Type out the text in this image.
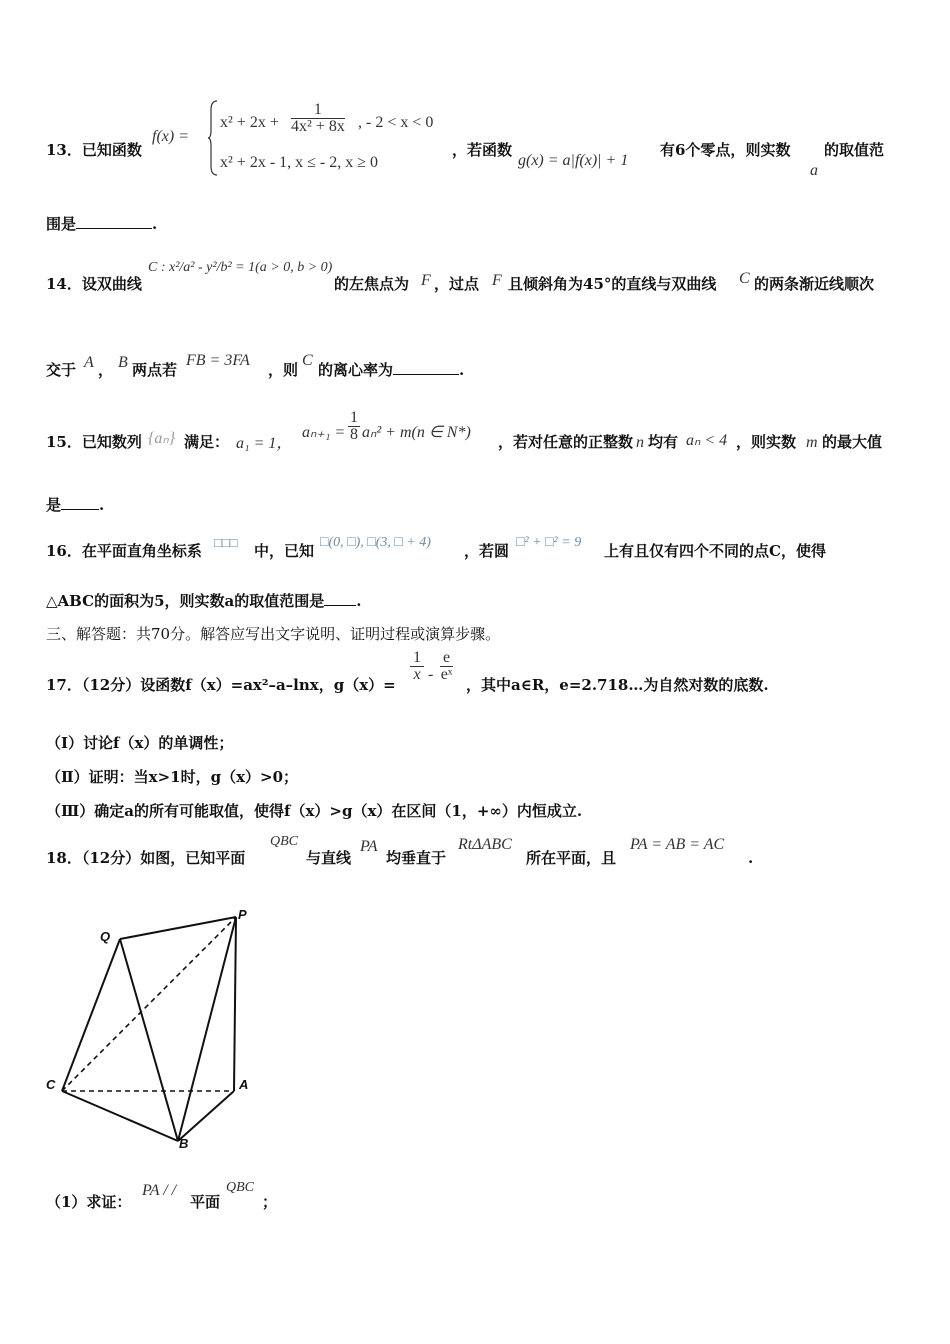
13．已知函数
f(x) =
$x^2 + 2x + \frac{1}{\text{4x² + 8x}}$ , - 2 < x < 0
x² + 2x - 1, x ≤ - 2, x ≥ 0
，若函数
g(x) = a|f(x)| + 1
有6个零点，则实数
a
的取值范
围是	.
14．设双曲线
C : x²/a² - y²/b² = 1(a > 0, b > 0)
的左焦点为 F ，过点 F 且倾斜角为45°的直线与双曲线 C 的两条渐近线顺次
交于 A ， B 两点若
FB = 3FA
，则
C
的离心率为	.
15．已知数列 {aₙ} 满足： a₁ = 1，
$a_{n+1} = \frac{1}{8} a_n^2 + m(n$ ∈ N*)
，若对任意的正整数 n 均有 aₙ < 4 ，则实数 m 的最大值
是	.
16．在平面直角坐标系 □□□ 中，已知 □(0, □), □(3, □ + 4) ，若圆 □² + □² = 9 上有且仅有四个不同的点C，使得
△ABC的面积为5，则实数a的取值范围是 .
三、解答题：共70分。解答应写出文字说明、证明过程或演算步骤。
17．（12分）设函数f（x）=ax²–a–lnx，g（x）=
$\frac{1}{x} - \frac{e}{\text{eˣ}}$
，其中a∈R，e=2.718…为自然对数的底数.
（Ⅰ）讨论f（x）的单调性；
（Ⅱ）证明：当x>1时，g（x）>0；
（Ⅲ）确定a的所有可能取值，使得f（x）>g（x）在区间（1，+∞）内恒成立.
18．（12分）如图，已知平面
QBC
与直线
PA
均垂直于
RtΔABC
所在平面，且
PA = AB = AC
.
Q
P
C	A
B
（1）求证：
PA / /
平面
QBC
；
